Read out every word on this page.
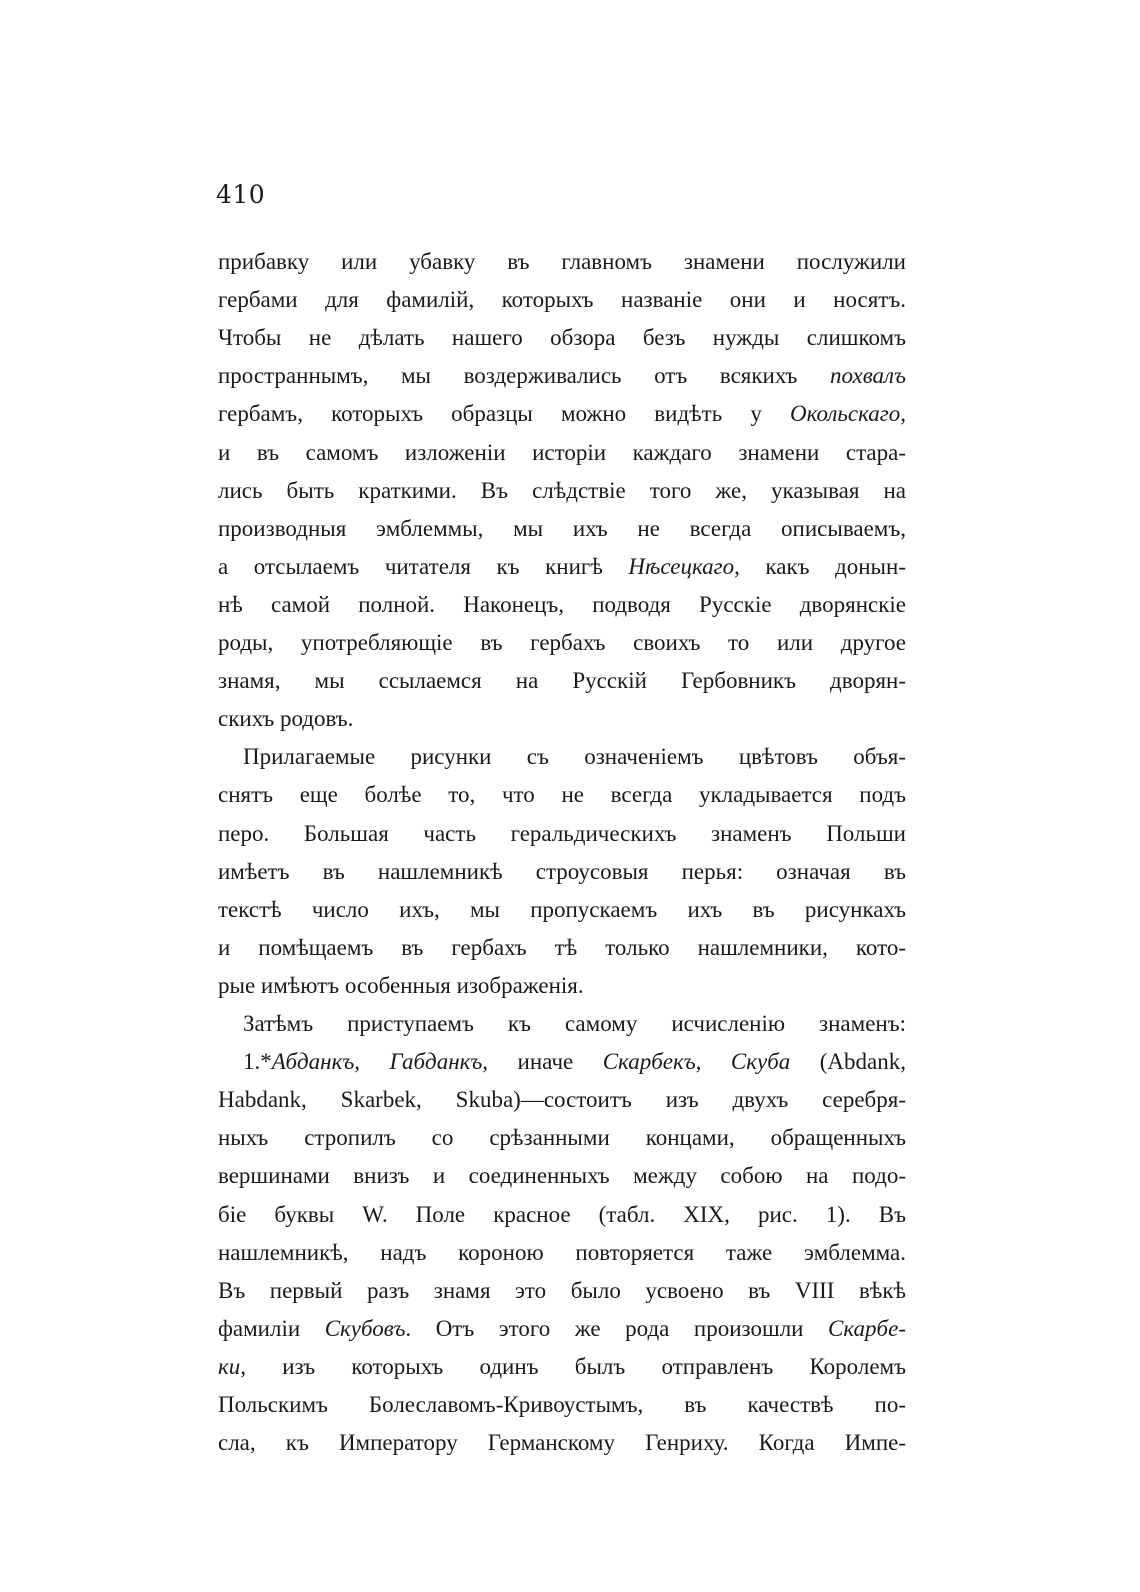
410
прибавку или убавку въ главномъ знамени послужили
гербами для фамилій, которыхъ названіе они и носятъ.
Чтобы не дѣлать нашего обзора безъ нужды слишкомъ
пространнымъ, мы воздерживались отъ всякихъ похвалъ
гербамъ, которыхъ образцы можно видѣть у Окольскаго,
и въ самомъ изложеніи исторіи каждаго знамени стара-
лись быть краткими. Въ слѣдствіе того же, указывая на
производныя эмблеммы, мы ихъ не всегда описываемъ,
а отсылаемъ читателя къ книгѣ Нѣсецкаго, какъ донын-
нѣ самой полной. Наконецъ, подводя Русскіе дворянскіе
роды, употребляющіе въ гербахъ своихъ то или другое
знамя, мы ссылаемся на Русскій Гербовникъ дворян-
скихъ родовъ.
Прилагаемые рисунки съ означеніемъ цвѣтовъ объя-
снятъ еще болѣе то, что не всегда укладывается подъ
перо. Большая часть геральдическихъ знаменъ Польши
имѣетъ въ нашлемникѣ строусовыя перья: означая въ
текстѣ число ихъ, мы пропускаемъ ихъ въ рисункахъ
и помѣщаемъ въ гербахъ тѣ только нашлемники, кото-
рые имѣютъ особенныя изображенія.
Затѣмъ приступаемъ къ самому исчисленію знаменъ:
1.*Абданкъ, Габданкъ, иначе Скарбекъ, Скуба (Abdank,
Habdank, Skarbek, Skuba)—состоитъ изъ двухъ серебря-
ныхъ стропилъ со срѣзанными концами, обращенныхъ
вершинами внизъ и соединенныхъ между собою на подо-
біе буквы W. Поле красное (табл. XIX, рис. 1). Въ
нашлемникѣ, надъ короною повторяется таже эмблемма.
Въ первый разъ знамя это было усвоено въ VIII вѣкѣ
фамиліи Скубовъ. Отъ этого же рода произошли Скарбе-
ки, изъ которыхъ одинъ былъ отправленъ Королемъ
Польскимъ Болеславомъ-Кривоустымъ, въ качествѣ по-
сла, къ Императору Германскому Генриху. Когда Импе-
